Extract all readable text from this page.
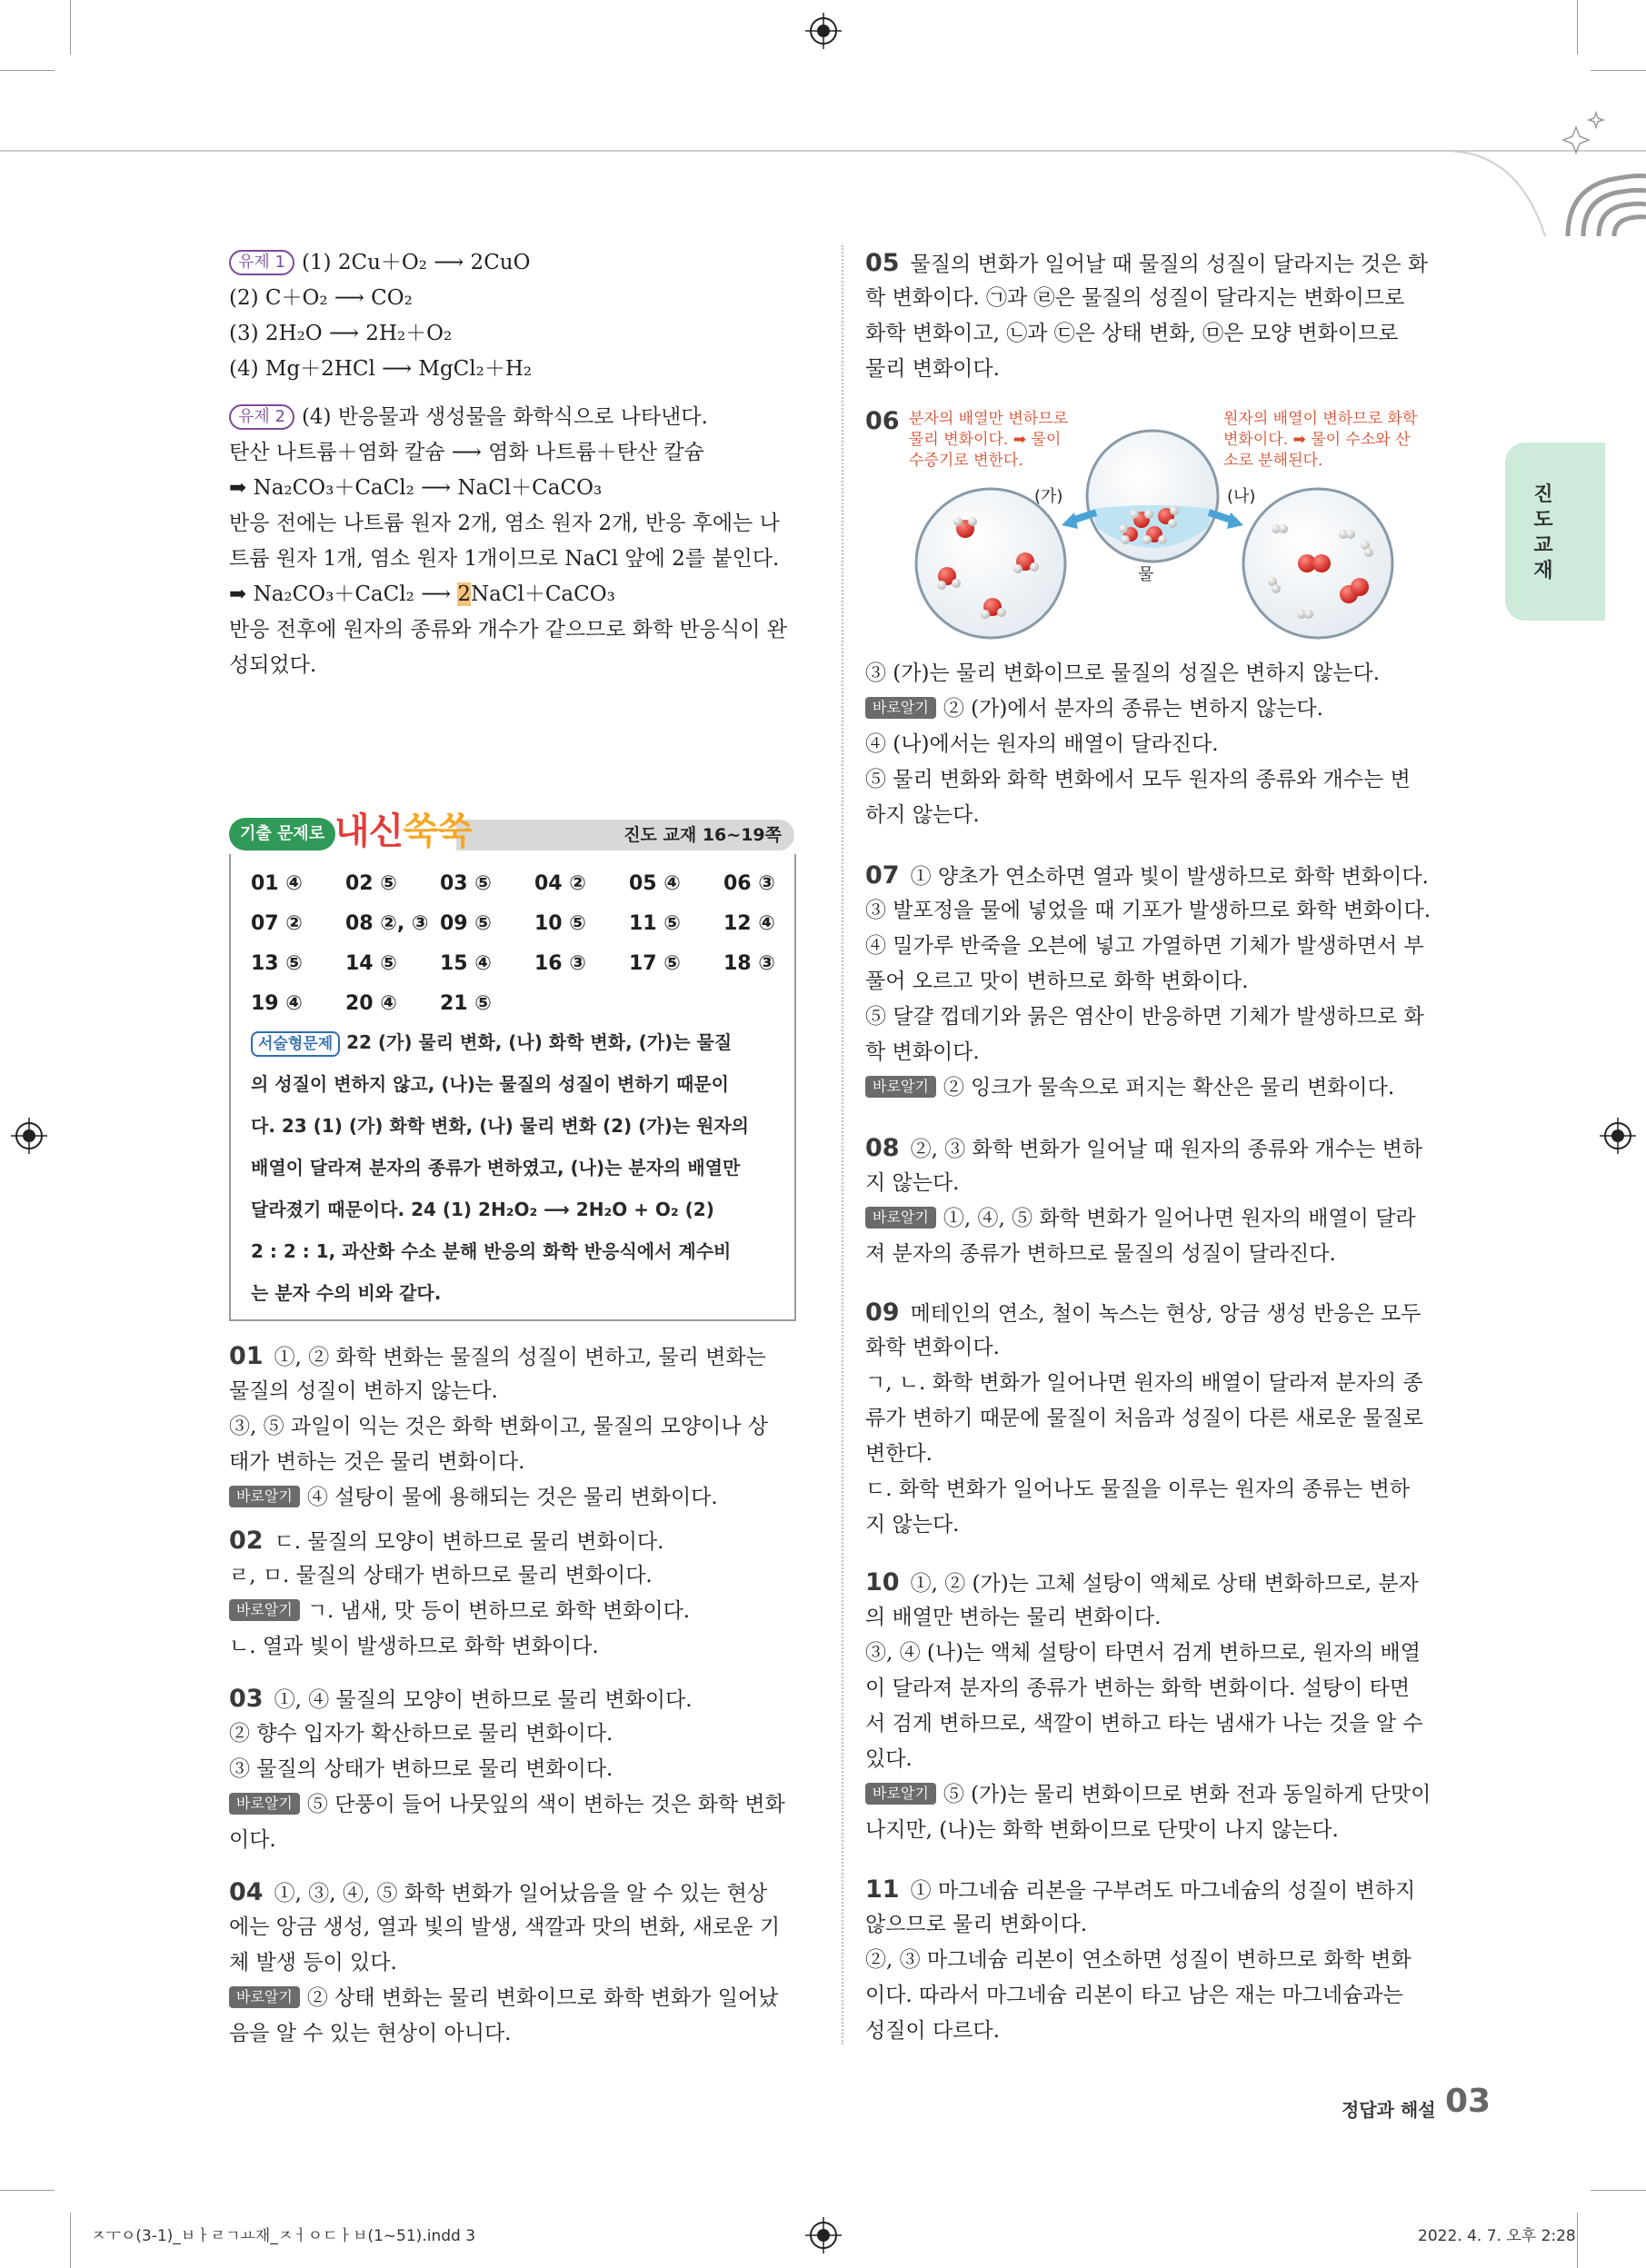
진도 교재
유제 1 (1) 2Cu＋O₂ ⟶ 2CuO
(2) C＋O₂ ⟶ CO₂
(3) 2H₂O ⟶ 2H₂＋O₂
(4) Mg＋2HCl ⟶ MgCl₂＋H₂
유제 2 (4) 반응물과 생성물을 화학식으로 나타낸다.
탄산 나트륨＋염화 칼슘 ⟶ 염화 나트륨＋탄산 칼슘
➡ Na₂CO₃＋CaCl₂ ⟶ NaCl＋CaCO₃
반응 전에는 나트륨 원자 2개, 염소 원자 2개, 반응 후에는 나
트륨 원자 1개, 염소 원자 1개이므로 NaCl 앞에 2를 붙인다.
➡ Na₂CO₃＋CaCl₂ ⟶ 2NaCl＋CaCO₃
반응 전후에 원자의 종류와 개수가 같으므로 화학 반응식이 완
성되었다.
기출 문제로 내신쑥쑥	진도 교재 16~19쪽
01 ④ 02 ⑤ 03 ⑤ 04 ② 05 ④ 06 ③
07 ② 08 ②, ③ 09 ⑤ 10 ⑤ 11 ⑤ 12 ④
13 ⑤ 14 ⑤ 15 ④ 16 ③ 17 ⑤ 18 ③
19 ④ 20 ④ 21 ⑤
서술형문제 22 (가) 물리 변화, (나) 화학 변화, (가)는 물질
의 성질이 변하지 않고, (나)는 물질의 성질이 변하기 때문이
다. 23 (1) (가) 화학 변화, (나) 물리 변화 (2) (가)는 원자의
배열이 달라져 분자의 종류가 변하였고, (나)는 분자의 배열만
달라졌기 때문이다. 24 (1) 2H₂O₂ ⟶ 2H₂O + O₂ (2)
2 : 2 : 1, 과산화 수소 분해 반응의 화학 반응식에서 계수비
는 분자 수의 비와 같다.
01 ①, ② 화학 변화는 물질의 성질이 변하고, 물리 변화는
물질의 성질이 변하지 않는다.
③, ⑤ 과일이 익는 것은 화학 변화이고, 물질의 모양이나 상
태가 변하는 것은 물리 변화이다.
바로알기 ④ 설탕이 물에 용해되는 것은 물리 변화이다.
02 ㄷ. 물질의 모양이 변하므로 물리 변화이다.
ㄹ, ㅁ. 물질의 상태가 변하므로 물리 변화이다.
바로알기 ㄱ. 냄새, 맛 등이 변하므로 화학 변화이다.
ㄴ. 열과 빛이 발생하므로 화학 변화이다.
03 ①, ④ 물질의 모양이 변하므로 물리 변화이다.
② 향수 입자가 확산하므로 물리 변화이다.
③ 물질의 상태가 변하므로 물리 변화이다.
바로알기 ⑤ 단풍이 들어 나뭇잎의 색이 변하는 것은 화학 변화
이다.
04 ①, ③, ④, ⑤ 화학 변화가 일어났음을 알 수 있는 현상
에는 앙금 생성, 열과 빛의 발생, 색깔과 맛의 변화, 새로운 기
체 발생 등이 있다.
바로알기 ② 상태 변화는 물리 변화이므로 화학 변화가 일어났
음을 알 수 있는 현상이 아니다.
05 물질의 변화가 일어날 때 물질의 성질이 달라지는 것은 화
학 변화이다. ㉠과 ㉣은 물질의 성질이 달라지는 변화이므로
화학 변화이고, ㉡과 ㉢은 상태 변화, ㉤은 모양 변화이므로
물리 변화이다.
06 분자의 배열만 변하므로
물리 변화이다. ➡ 물이
수증기로 변한다.
원자의 배열이 변하므로 화학
변화이다. ➡ 물이 수소와 산
소로 분해된다.
(가)	(나)
물
③ (가)는 물리 변화이므로 물질의 성질은 변하지 않는다.
바로알기 ② (가)에서 분자의 종류는 변하지 않는다.
④ (나)에서는 원자의 배열이 달라진다.
⑤ 물리 변화와 화학 변화에서 모두 원자의 종류와 개수는 변
하지 않는다.
07 ① 양초가 연소하면 열과 빛이 발생하므로 화학 변화이다.
③ 발포정을 물에 넣었을 때 기포가 발생하므로 화학 변화이다.
④ 밀가루 반죽을 오븐에 넣고 가열하면 기체가 발생하면서 부
풀어 오르고 맛이 변하므로 화학 변화이다.
⑤ 달걀 껍데기와 묽은 염산이 반응하면 기체가 발생하므로 화
학 변화이다.
바로알기 ② 잉크가 물속으로 퍼지는 확산은 물리 변화이다.
08 ②, ③ 화학 변화가 일어날 때 원자의 종류와 개수는 변하
지 않는다.
바로알기 ①, ④, ⑤ 화학 변화가 일어나면 원자의 배열이 달라
져 분자의 종류가 변하므로 물질의 성질이 달라진다.
09 메테인의 연소, 철이 녹스는 현상, 앙금 생성 반응은 모두
화학 변화이다.
ㄱ, ㄴ. 화학 변화가 일어나면 원자의 배열이 달라져 분자의 종
류가 변하기 때문에 물질이 처음과 성질이 다른 새로운 물질로
변한다.
ㄷ. 화학 변화가 일어나도 물질을 이루는 원자의 종류는 변하
지 않는다.
10 ①, ② (가)는 고체 설탕이 액체로 상태 변화하므로, 분자
의 배열만 변하는 물리 변화이다.
③, ④ (나)는 액체 설탕이 타면서 검게 변하므로, 원자의 배열
이 달라져 분자의 종류가 변하는 화학 변화이다. 설탕이 타면
서 검게 변하므로, 색깔이 변하고 타는 냄새가 나는 것을 알 수
있다.
바로알기 ⑤ (가)는 물리 변화이므로 변화 전과 동일하게 단맛이
나지만, (나)는 화학 변화이므로 단맛이 나지 않는다.
11 ① 마그네슘 리본을 구부려도 마그네슘의 성질이 변하지
않으므로 물리 변화이다.
②, ③ 마그네슘 리본이 연소하면 성질이 변하므로 화학 변화
이다. 따라서 마그네슘 리본이 타고 남은 재는 마그네슘과는
성질이 다르다.
정답과 해설 03
ㅈㅜㅇ(3-1)_ㅂㅏㄹㄱㅛ재_ㅈㅓㅇㄷㅏㅂ(1~51).indd 3	2022. 4. 7. 오후 2:28
